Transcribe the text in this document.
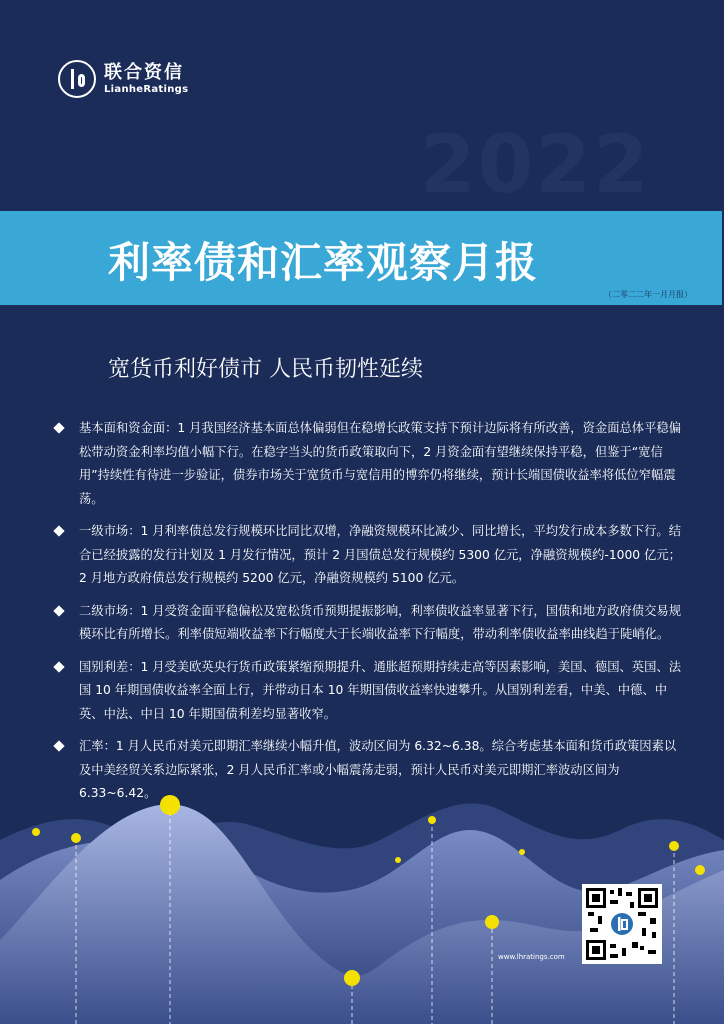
联合资信
LianheRatings
2022
利率债和汇率观察月报
（二零二二年一月月报）
宽货币利好债市 人民币韧性延续
基本面和资金面：1 月我国经济基本面总体偏弱但在稳增长政策支持下预计边际将有所改善，资金面总体平稳偏松带动资金利率均值小幅下行。在稳字当头的货币政策取向下，2 月资金面有望继续保持平稳，但鉴于“宽信用”持续性有待进一步验证，债券市场关于宽货币与宽信用的博弈仍将继续，预计长端国债收益率将低位窄幅震荡。
一级市场：1 月利率债总发行规模环比同比双增，净融资规模环比减少、同比增长，平均发行成本多数下行。结合已经披露的发行计划及 1 月发行情况，预计 2 月国债总发行规模约 5300 亿元，净融资规模约-1000 亿元；2 月地方政府债总发行规模约 5200 亿元，净融资规模约 5100 亿元。
二级市场：1 月受资金面平稳偏松及宽松货币预期提振影响，利率债收益率显著下行，国债和地方政府债交易规模环比有所增长。利率债短端收益率下行幅度大于长端收益率下行幅度，带动利率债收益率曲线趋于陡峭化。
国别利差：1 月受美欧英央行货币政策紧缩预期提升、通胀超预期持续走高等因素影响，美国、德国、英国、法国 10 年期国债收益率全面上行，并带动日本 10 年期国债收益率快速攀升。从国别利差看，中美、中德、中英、中法、中日 10 年期国债利差均显著收窄。
汇率：1 月人民币对美元即期汇率继续小幅升值，波动区间为 6.32~6.38。综合考虑基本面和货币政策因素以及中美经贸关系边际紧张，2 月人民币汇率或小幅震荡走弱，预计人民币对美元即期汇率波动区间为 6.33~6.42。
www.lhratings.com
